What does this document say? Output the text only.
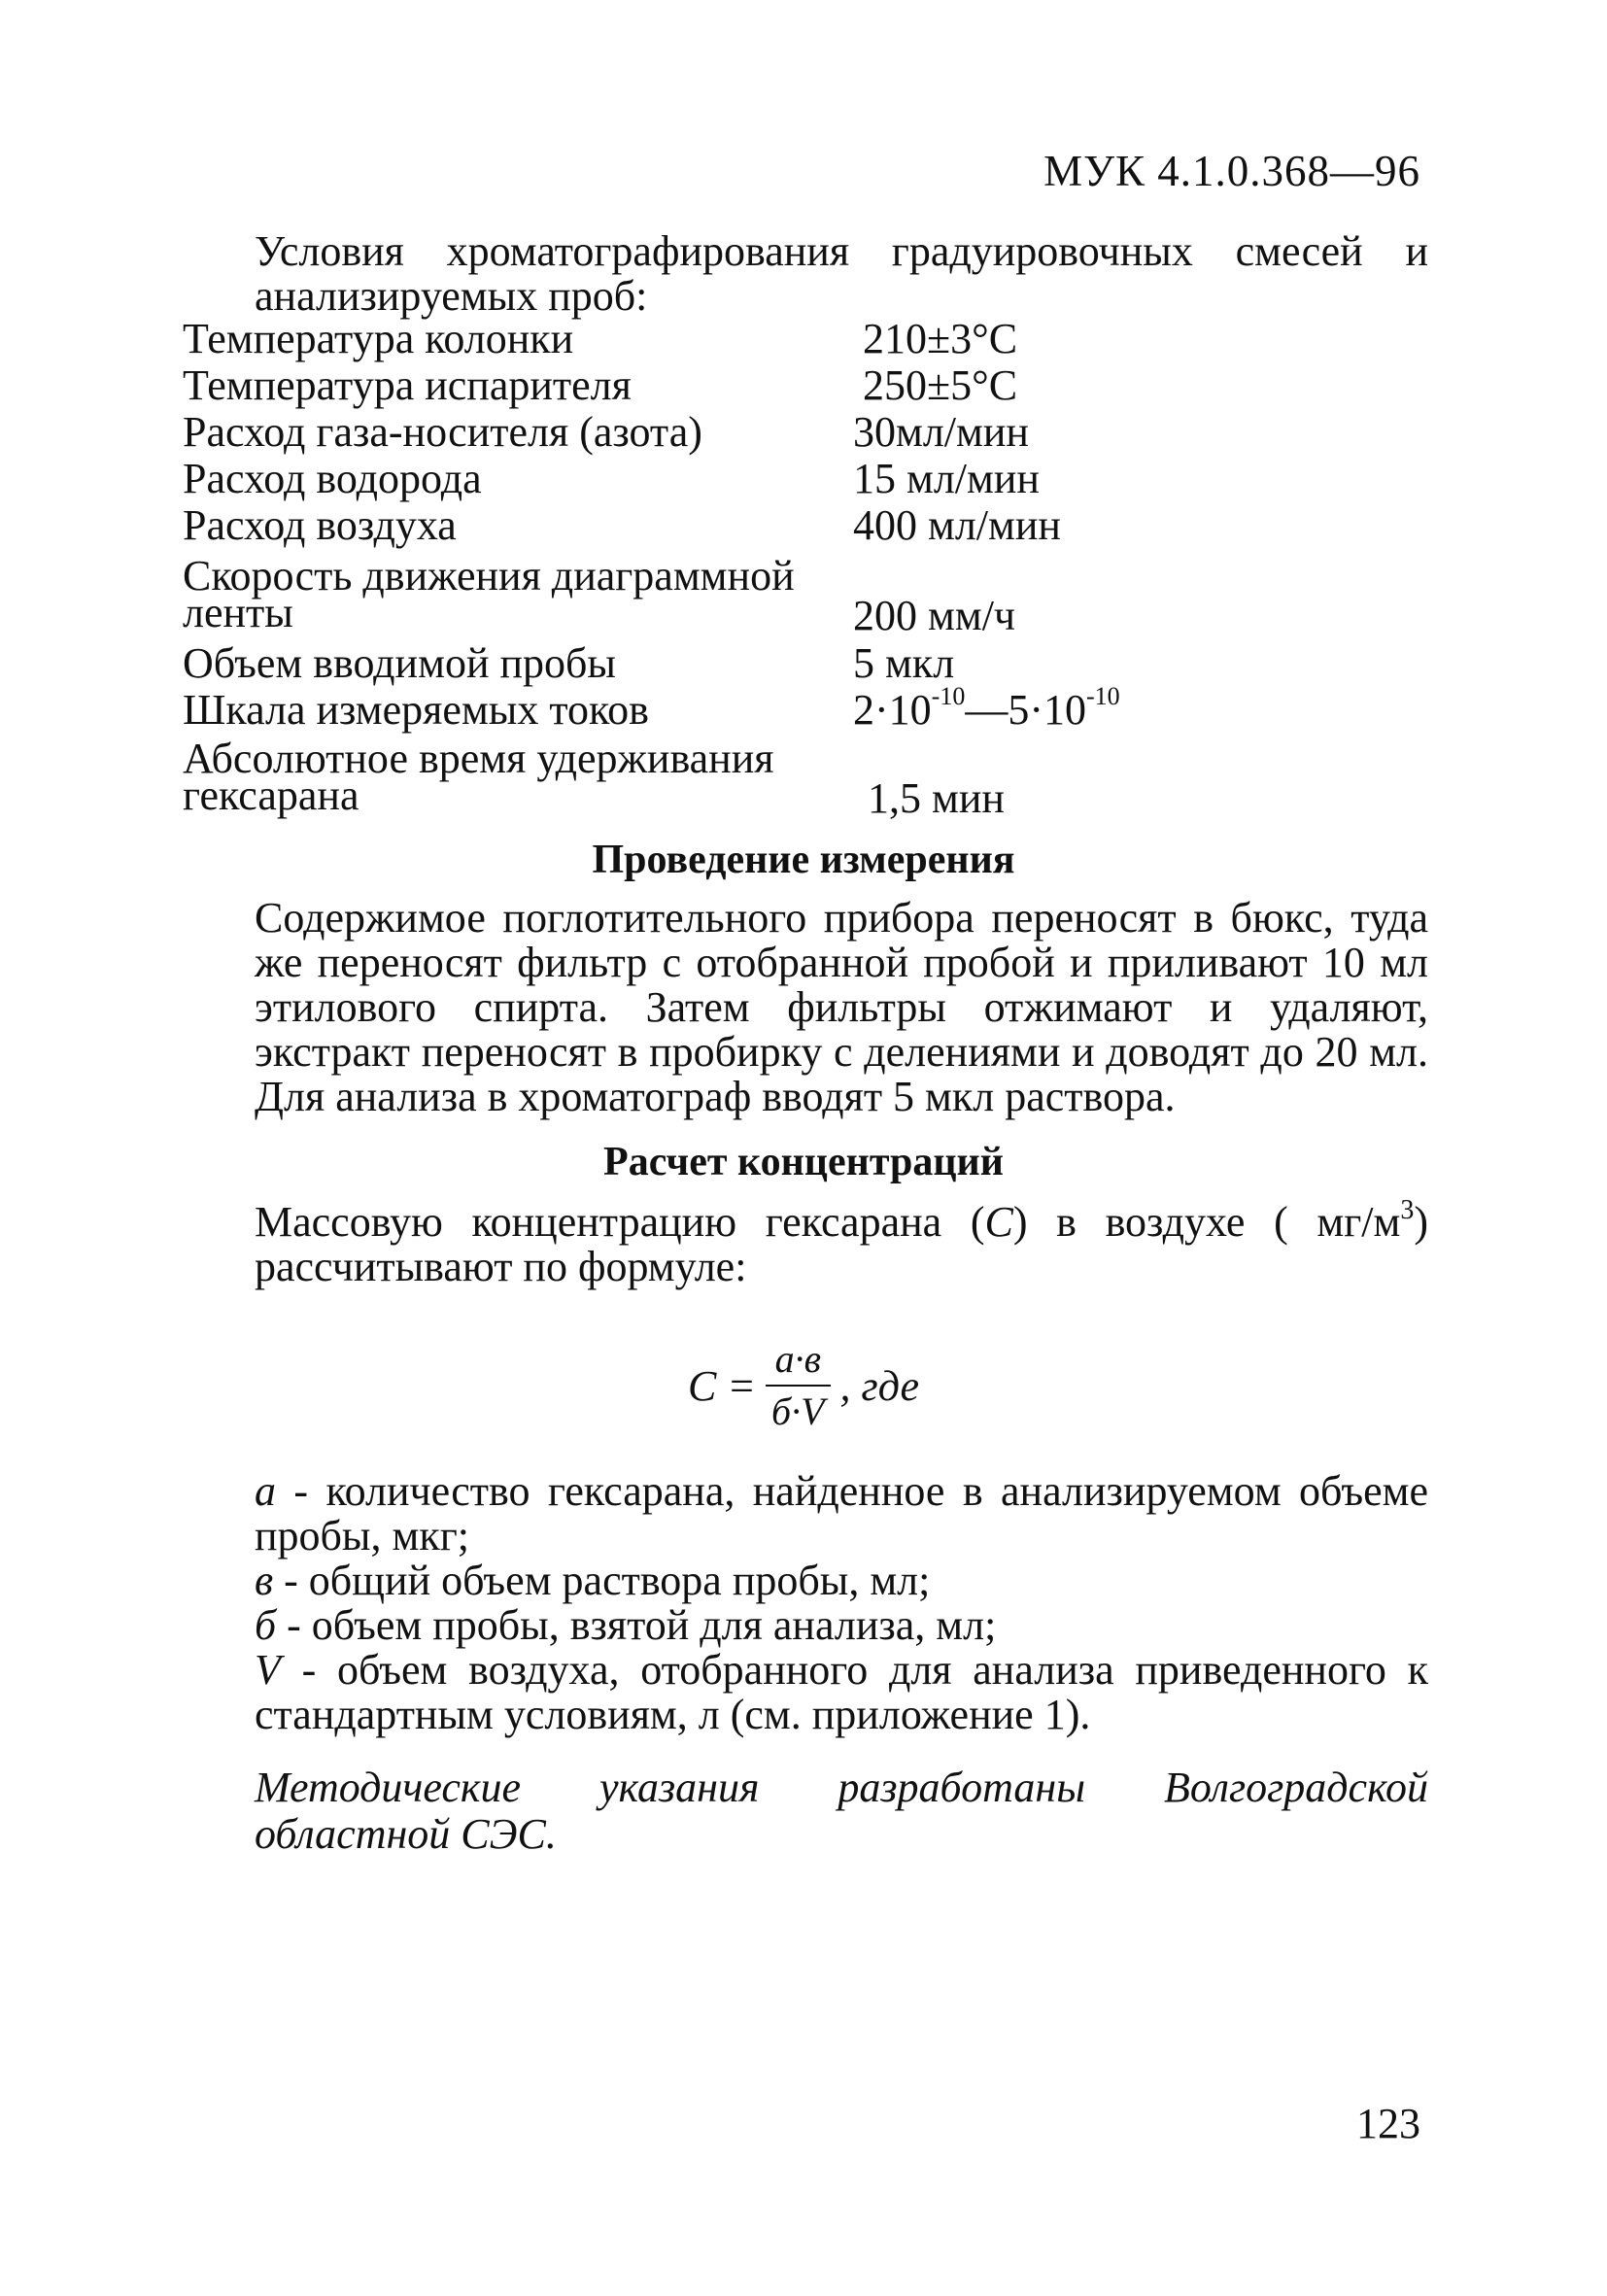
МУК 4.1.0.368—96
Условия хроматографирования градуировочных смесей и анализируемых проб:
Температура колонки	210±3°С
Температура испарителя	250±5°С
Расход газа-носителя (азота)	30мл/мин
Расход водорода	15 мл/мин
Расход воздуха	400 мл/мин
Скорость движения диаграммной
ленты	200 мм/ч
Объем вводимой пробы	5 мкл
Шкала измеряемых токов	$2\cdot 10^{-10}—5\cdot 10^{-10}$
Абсолютное время удерживания
гексарана	1,5 мин
Проведение измерения
Содержимое поглотительного прибора переносят в бюкс, туда же переносят фильтр с отобранной пробой и приливают 10 мл этилового спирта. Затем фильтры отжимают и удаляют, экстракт переносят в пробирку с делениями и доводят до 20 мл. Для анализа в хроматограф вводят 5 мкл раствора.
Расчет концентраций
Массовую концентрацию гексарана (С) в воздухе ( $мг/м^3$) рассчитывают по формуле:
$С = \frac{а\cdot в}{б\cdot V}$ , где
а - количество гексарана, найденное в анализируемом объеме пробы, мкг;
в - общий объем раствора пробы, мл;
б - объем пробы, взятой для анализа, мл;
V - объем воздуха, отобранного для анализа приведенного к стандартным условиям, л (см. приложение 1).
Методические указания разработаны Волгоградской областной СЭС.
123
